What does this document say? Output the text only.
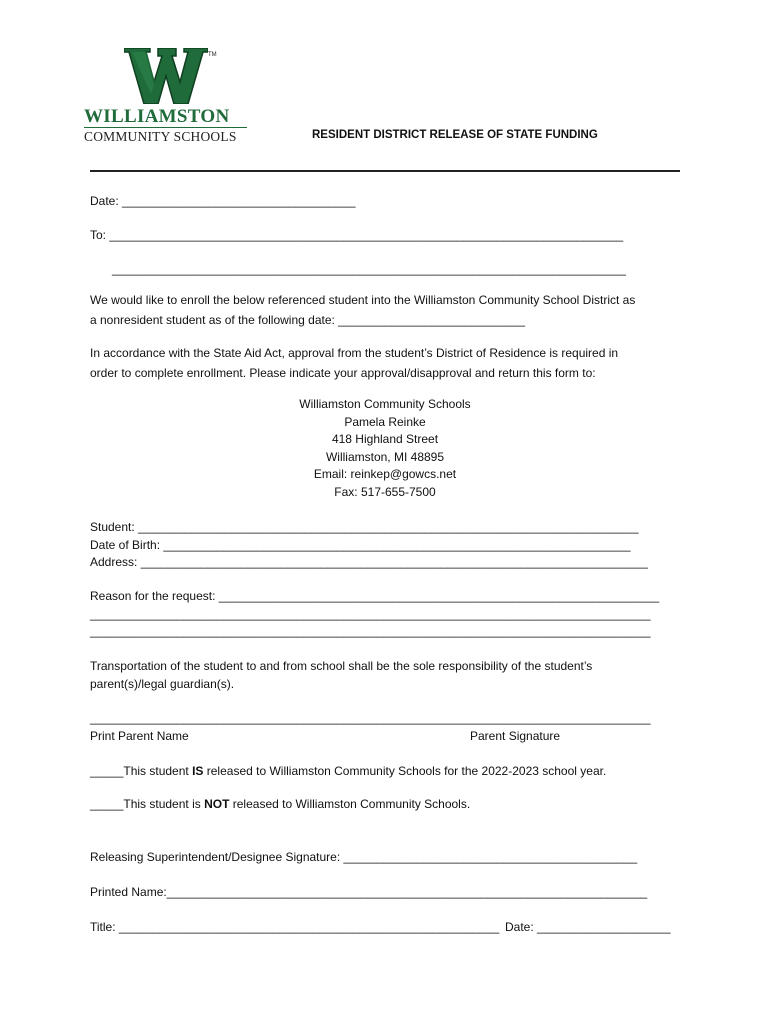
TM
WILLIAMSTON
COMMUNITY SCHOOLS	RESIDENT DISTRICT RELEASE OF STATE FUNDING
Date: ___________________________________
To: _____________________________________________________________________________
_____________________________________________________________________________
We would like to enroll the below referenced student into the Williamston Community School District as
a nonresident student as of the following date: ____________________________
In accordance with the State Aid Act, approval from the student’s District of Residence is required in
order to complete enrollment. Please indicate your approval/disapproval and return this form to:
Williamston Community Schools
Pamela Reinke
418 Highland Street
Williamston, MI 48895
Email: reinkep@gowcs.net
Fax: 517-655-7500
Student: ___________________________________________________________________________
Date of Birth: ______________________________________________________________________
Address: ____________________________________________________________________________
Reason for the request: __________________________________________________________________
____________________________________________________________________________________
____________________________________________________________________________________
Transportation of the student to and from school shall be the sole responsibility of the student’s
parent(s)/legal guardian(s).
____________________________________________________________________________________
Print Parent Name	Parent Signature
_____This student IS released to Williamston Community Schools for the 2022-2023 school year.
_____This student is NOT released to Williamston Community Schools.
Releasing Superintendent/Designee Signature: ____________________________________________
Printed Name:________________________________________________________________________
Title: _________________________________________________________ Date: ____________________
